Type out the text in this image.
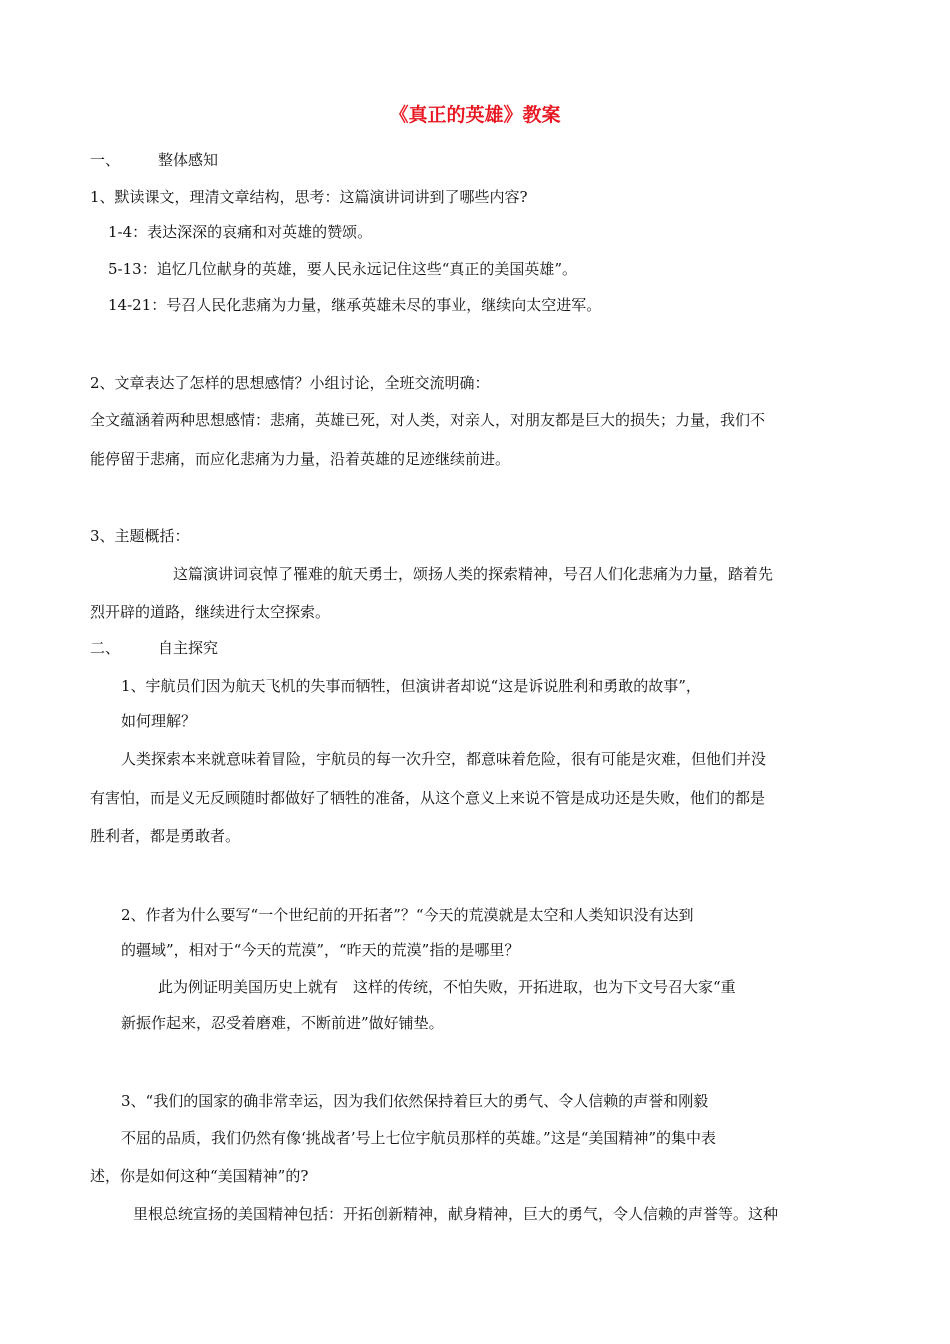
《真正的英雄》教案
一、	整体感知
1、默读课文，理清文章结构，思考：这篇演讲词讲到了哪些内容?
1-4：表达深深的哀痛和对英雄的赞颂。
5-13：追忆几位献身的英雄，要人民永远记住这些“真正的美国英雄”。
14-21：号召人民化悲痛为力量，继承英雄未尽的事业，继续向太空进军。
2、文章表达了怎样的思想感情？小组讨论，全班交流明确：
全文蕴涵着两种思想感情：悲痛，英雄已死，对人类，对亲人，对朋友都是巨大的损失；力量，我们不
能停留于悲痛，而应化悲痛为力量，沿着英雄的足迹继续前进。
3、主题概括：
这篇演讲词哀悼了罹难的航天勇士，颂扬人类的探索精神，号召人们化悲痛为力量，踏着先
烈开辟的道路，继续进行太空探索。
二、	自主探究
1、宇航员们因为航天飞机的失事而牺牲，但演讲者却说“这是诉说胜利和勇敢的故事”，
如何理解？
人类探索本来就意味着冒险，宇航员的每一次升空，都意味着危险，很有可能是灾难，但他们并没
有害怕，而是义无反顾随时都做好了牺牲的准备，从这个意义上来说不管是成功还是失败，他们的都是
胜利者，都是勇敢者。
2、作者为什么要写“一个世纪前的开拓者”？“今天的荒漠就是太空和人类知识没有达到
的疆域”，相对于“今天的荒漠”，“昨天的荒漠”指的是哪里？
此为例证明美国历史上就有　这样的传统，不怕失败，开拓进取，也为下文号召大家“重
新振作起来，忍受着磨难，不断前进”做好铺垫。
3、“我们的国家的确非常幸运，因为我们依然保持着巨大的勇气、令人信赖的声誉和刚毅
不屈的品质，我们仍然有像‘挑战者’号上七位宇航员那样的英雄。”这是“美国精神”的集中表
述，你是如何这种“美国精神”的?
里根总统宣扬的美国精神包括：开拓创新精神，献身精神，巨大的勇气，令人信赖的声誉等。这种
